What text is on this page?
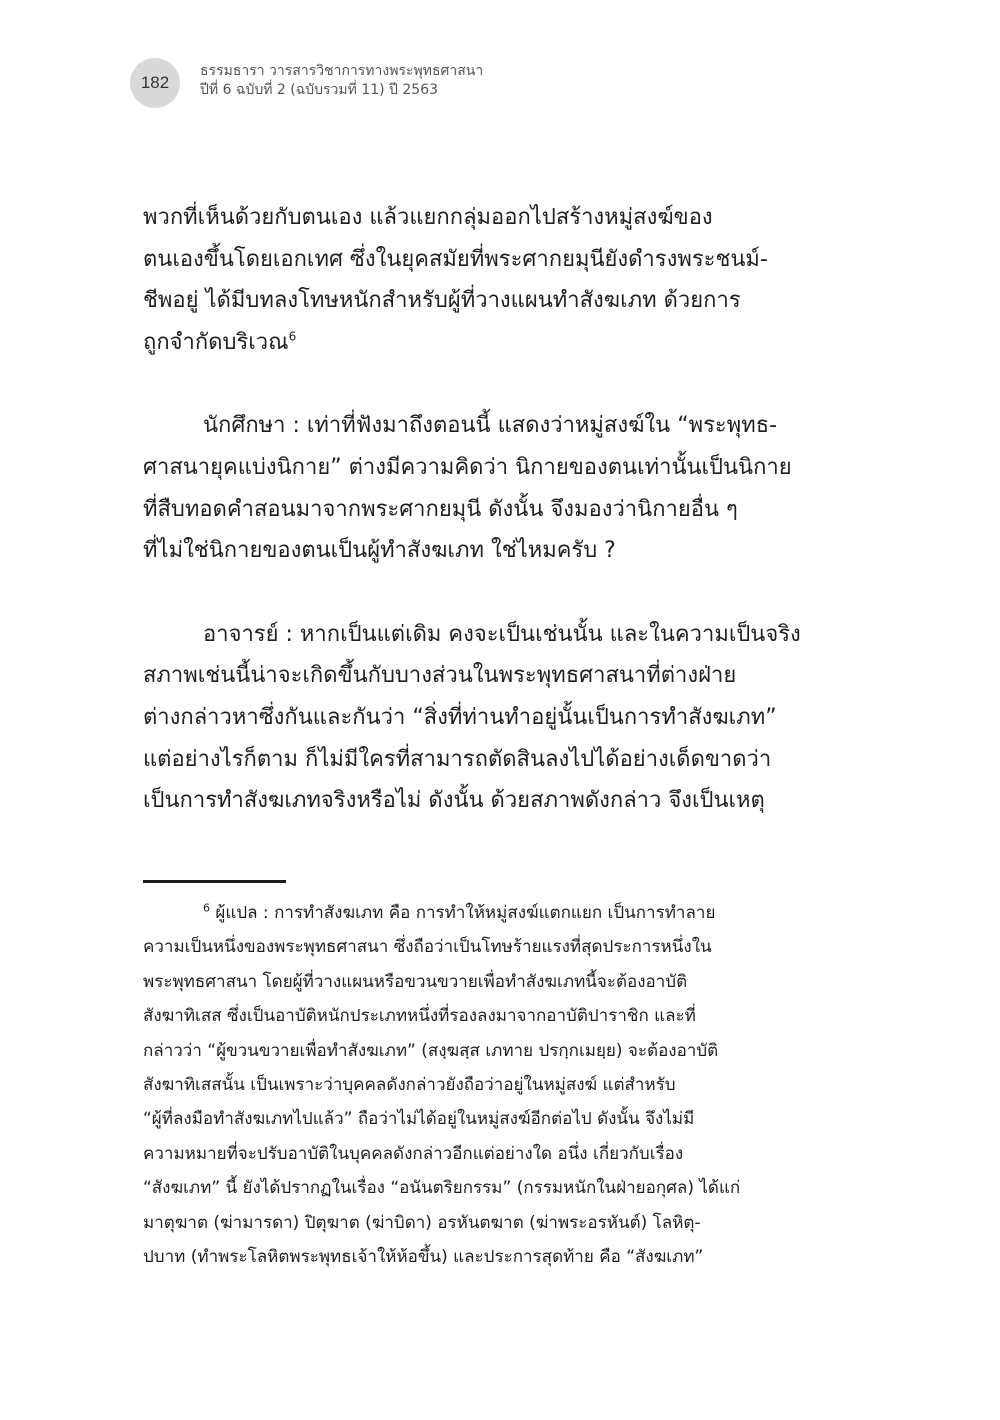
182
ธรรมธารา วารสารวิชาการทางพระพุทธศาสนา
ปีที่ 6 ฉบับที่ 2 (ฉบับรวมที่ 11) ปี 2563
พวกที่เห็นด้วยกับตนเอง แล้วแยกกลุ่มออกไปสร้างหมู่สงฆ์ของ
ตนเองขึ้นโดยเอกเทศ ซึ่งในยุคสมัยที่พระศากยมุนียังดำรงพระชนม์-
ชีพอยู่ ได้มีบทลงโทษหนักสำหรับผู้ที่วางแผนทำสังฆเภท ด้วยการ
ถูกจำกัดบริเวณ$^6$
นักศึกษา : เท่าที่ฟังมาถึงตอนนี้ แสดงว่าหมู่สงฆ์ใน “พระพุทธ-
ศาสนายุคแบ่งนิกาย” ต่างมีความคิดว่า นิกายของตนเท่านั้นเป็นนิกาย
ที่สืบทอดคำสอนมาจากพระศากยมุนี ดังนั้น จึงมองว่านิกายอื่น ๆ
ที่ไม่ใช่นิกายของตนเป็นผู้ทำสังฆเภท ใช่ไหมครับ ?
อาจารย์ : หากเป็นแต่เดิม คงจะเป็นเช่นนั้น และในความเป็นจริง
สภาพเช่นนี้น่าจะเกิดขึ้นกับบางส่วนในพระพุทธศาสนาที่ต่างฝ่าย
ต่างกล่าวหาซึ่งกันและกันว่า “สิ่งที่ท่านทำอยู่นั้นเป็นการทำสังฆเภท”
แต่อย่างไรก็ตาม ก็ไม่มีใครที่สามารถตัดสินลงไปได้อย่างเด็ดขาดว่า
เป็นการทำสังฆเภทจริงหรือไม่ ดังนั้น ด้วยสภาพดังกล่าว จึงเป็นเหตุ
$^6$ ผู้แปล : การทำสังฆเภท คือ การทำให้หมู่สงฆ์แตกแยก เป็นการทำลาย
ความเป็นหนึ่งของพระพุทธศาสนา ซึ่งถือว่าเป็นโทษร้ายแรงที่สุดประการหนึ่งใน
พระพุทธศาสนา โดยผู้ที่วางแผนหรือขวนขวายเพื่อทำสังฆเภทนี้จะต้องอาบัติ
สังฆาทิเสส ซึ่งเป็นอาบัติหนักประเภทหนึ่งที่รองลงมาจากอาบัติปาราชิก และที่
กล่าวว่า “ผู้ขวนขวายเพื่อทำสังฆเภท” (สงฺฆสฺส เภทาย ปรกฺกเมยฺย) จะต้องอาบัติ
สังฆาทิเสสนั้น เป็นเพราะว่าบุคคลดังกล่าวยังถือว่าอยู่ในหมู่สงฆ์ แต่สำหรับ
“ผู้ที่ลงมือทำสังฆเภทไปแล้ว” ถือว่าไม่ได้อยู่ในหมู่สงฆ์อีกต่อไป ดังนั้น จึงไม่มี
ความหมายที่จะปรับอาบัติในบุคคลดังกล่าวอีกแต่อย่างใด อนึ่ง เกี่ยวกับเรื่อง
“สังฆเภท” นี้ ยังได้ปรากฏในเรื่อง “อนันตริยกรรม” (กรรมหนักในฝ่ายอกุศล) ได้แก่
มาตุฆาต (ฆ่ามารดา) ปิตุฆาต (ฆ่าบิดา) อรหันตฆาต (ฆ่าพระอรหันต์) โลหิตุ-
ปบาท (ทำพระโลหิตพระพุทธเจ้าให้ห้อขึ้น) และประการสุดท้าย คือ “สังฆเภท”
